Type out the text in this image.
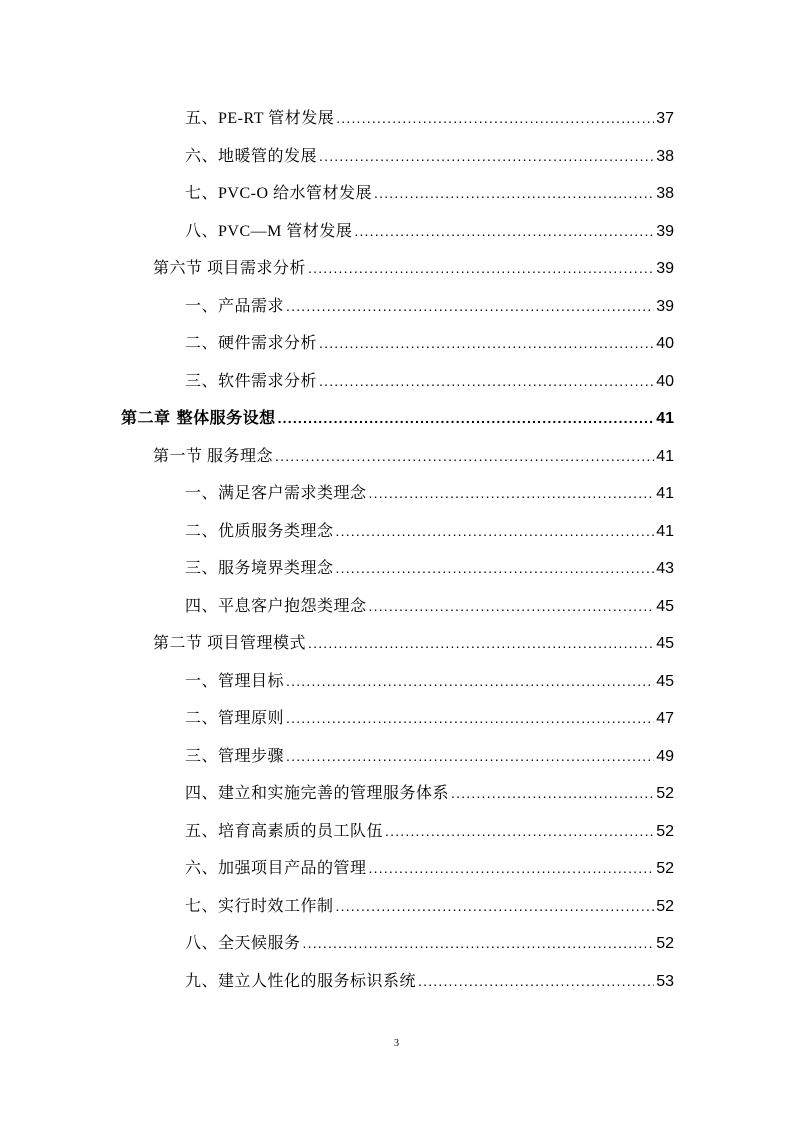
五、PE-RT 管材发展 .....	37
六、地暖管的发展 .....	38
七、PVC-O 给水管材发展 .....	38
八、PVC—M 管材发展 .....	39
第六节 项目需求分析 .....	39
一、产品需求 .....	39
二、硬件需求分析 .....	40
三、软件需求分析 .....	40
第二章 整体服务设想 .....	41
第一节 服务理念 .....	41
一、满足客户需求类理念 .....	41
二、优质服务类理念 .....	41
三、服务境界类理念 .....	43
四、平息客户抱怨类理念 .....	45
第二节 项目管理模式 .....	45
一、管理目标 .....	45
二、管理原则 .....	47
三、管理步骤 .....	49
四、建立和实施完善的管理服务体系 .....	52
五、培育高素质的员工队伍 .....	52
六、加强项目产品的管理 .....	52
七、实行时效工作制 .....	52
八、全天候服务 .....	52
九、建立人性化的服务标识系统 .....	53
3
